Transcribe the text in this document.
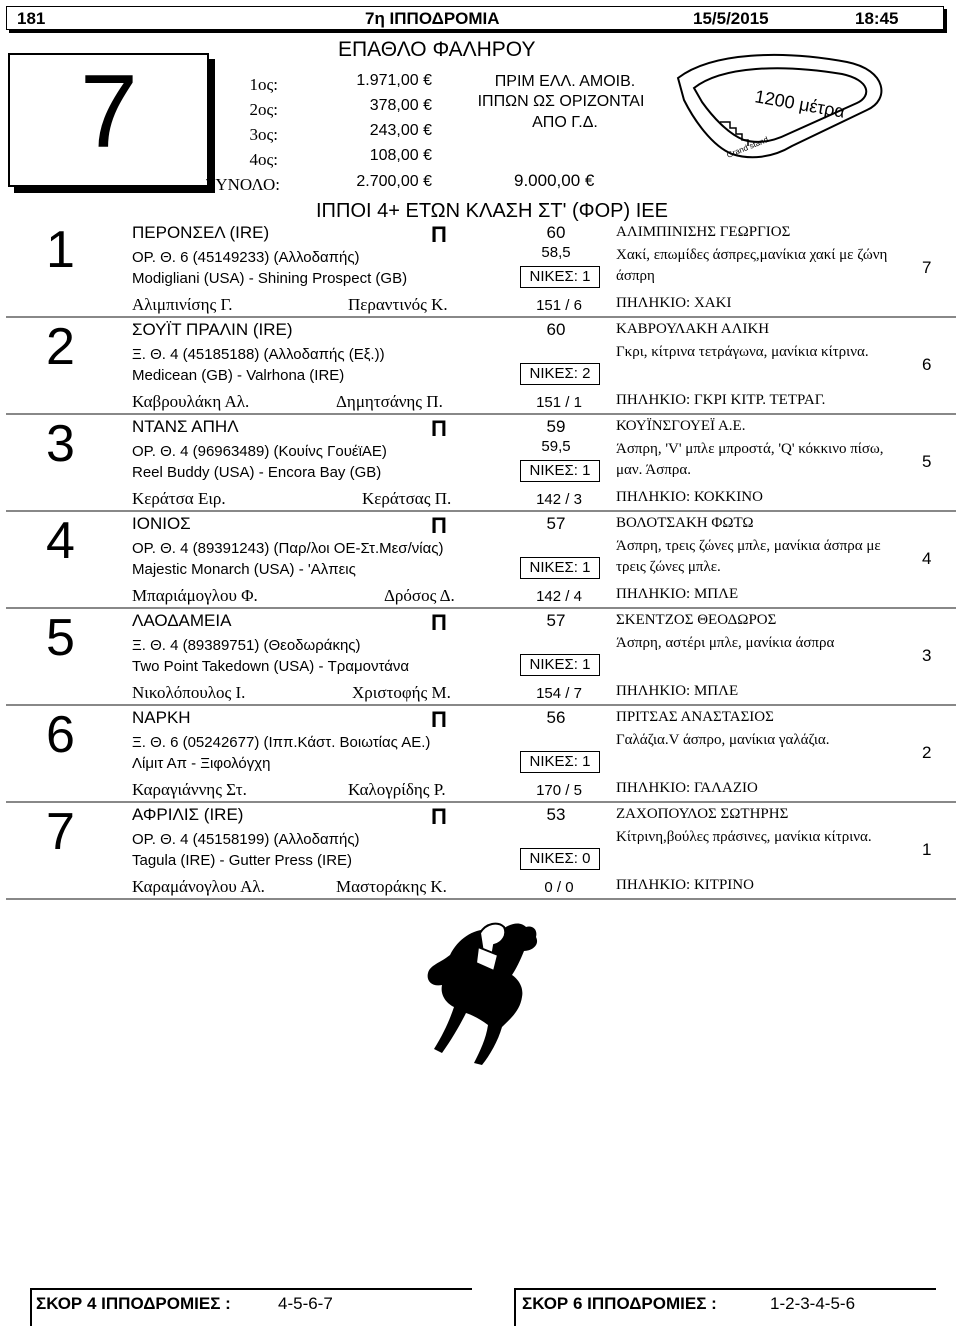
181	7η ΙΠΠΟΔΡΟΜΙΑ	15/5/2015	18:45
7
ΕΠΑΘΛΟ ΦΑΛΗΡΟΥ
1ος:	1.971,00 €
2ος:	378,00 €
3ος:	243,00 €
4ος:	108,00 €
ΣΥΝΟΛΟ:	2.700,00 €
ΠΡΙΜ ΕΛΛ. ΑΜΟΙΒ.
ΙΠΠΩΝ ΩΣ ΟΡΙΖΟΝΤΑΙ
ΑΠΟ Γ.Δ.
9.000,00 €
Grand stand
1200 μέτρα
ΙΠΠΟΙ 4+ ΕΤΩΝ ΚΛΑΣΗ ΣΤ' (ΦΟΡ) ΙΕΕ
1	ΠΕΡΟΝΣΕΛ (IRE)	Π	60
58,5
ΟΡ. Θ. 6 (45149233) (Αλλοδαπής)
Modigliani (USA) - Shining Prospect (GB)
Αλιμπινίσης Γ.	Περαντινός Κ.
ΝΙΚΕΣ: 1
151 / 6
ΑΛΙΜΠΙΝΙΣΗΣ ΓΕΩΡΓΙΟΣ
Χακί, επωμίδες άσπρες,μανίκια χακί με ζώνη άσπρη
ΠΗΛΗΚΙΟ: ΧΑΚΙ
7
2	ΣΟΥΪΤ ΠΡΑΛΙΝ (IRE)	60
Ξ. Θ. 4 (45185188) (Αλλοδαπής (Εξ.))
Medicean (GB) - Valrhona (IRE)
Καβρουλάκη Αλ.	Δημητσάνης Π.
ΝΙΚΕΣ: 2
151 / 1
ΚΑΒΡΟΥΛΑΚΗ ΑΛΙΚΗ
Γκρι, κίτρινα τετράγωνα, μανίκια κίτρινα.
ΠΗΛΗΚΙΟ: ΓΚΡΙ ΚΙΤΡ. ΤΕΤΡΑΓ.
6
3	ΝΤΑΝΣ ΑΠΗΛ	Π	59
59,5
ΟΡ. Θ. 4 (96963489) (Κουίνς ΓουέϊΑΕ)
Reel Buddy (USA) - Encora Bay (GB)
Κεράτσα Ειρ.	Κεράτσας Π.
ΝΙΚΕΣ: 1
142 / 3
ΚΟΥΪΝΣΓΟΥΕΪ Α.Ε.
Άσπρη, 'V' μπλε μπροστά, 'Q' κόκκινο πίσω, μαν. Άσπρα.
ΠΗΛΗΚΙΟ: ΚΟΚΚΙΝΟ
5
4	ΙΟΝΙΟΣ	Π	57
ΟΡ. Θ. 4 (89391243) (Παρ/λοι ΟΕ-Στ.Μεσ/νίας)
Majestic Monarch (USA) - 'Αλπεις
Μπαριάμογλου Φ.	Δρόσος Δ.
ΝΙΚΕΣ: 1
142 / 4
ΒΟΛΟΤΣΑΚΗ ΦΩΤΩ
Άσπρη, τρεις ζώνες μπλε, μανίκια άσπρα με τρεις ζώνες μπλε.
ΠΗΛΗΚΙΟ: ΜΠΛΕ
4
5	ΛΑΟΔΑΜΕΙΑ	Π	57
Ξ. Θ. 4 (89389751) (Θεοδωράκης)
Two Point Takedown (USA) - Τραμοντάνα
Νικολόπουλος Ι.	Χριστοφής Μ.
ΝΙΚΕΣ: 1
154 / 7
ΣΚΕΝΤΖΟΣ ΘΕΟΔΩΡΟΣ
Άσπρη, αστέρι μπλε, μανίκια άσπρα
ΠΗΛΗΚΙΟ: ΜΠΛΕ
3
6	ΝΑΡΚΗ	Π	56
Ξ. Θ. 6 (05242677) (Ιππ.Κάστ. Βοιωτίας ΑΕ.)
Λίμιτ Απ - Ξιφολόγχη
Καραγιάννης Στ.	Καλογρίδης Ρ.
ΝΙΚΕΣ: 1
170 / 5
ΠΡΙΤΣΑΣ ΑΝΑΣΤΑΣΙΟΣ
Γαλάζια.V άσπρο, μανίκια γαλάζια.
ΠΗΛΗΚΙΟ: ΓΑΛΑΖΙΟ
2
7	ΑΦΡΙΛΙΣ (IRE)	Π	53
ΟΡ. Θ. 4 (45158199) (Αλλοδαπής)
Tagula (IRE) - Gutter Press (IRE)
Καραμάνογλου Αλ.	Μαστοράκης Κ.
ΝΙΚΕΣ: 0
0 / 0
ΖΑΧΟΠΟΥΛΟΣ ΣΩΤΗΡΗΣ
Κίτρινη,βούλες πράσινες, μανίκια κίτρινα.
ΠΗΛΗΚΙΟ: ΚΙΤΡΙΝΟ
1
ΣΚΟΡ 4 ΙΠΠΟΔΡΟΜΙΕΣ :	4-5-6-7	ΣΚΟΡ 6 ΙΠΠΟΔΡΟΜΙΕΣ :	1-2-3-4-5-6
